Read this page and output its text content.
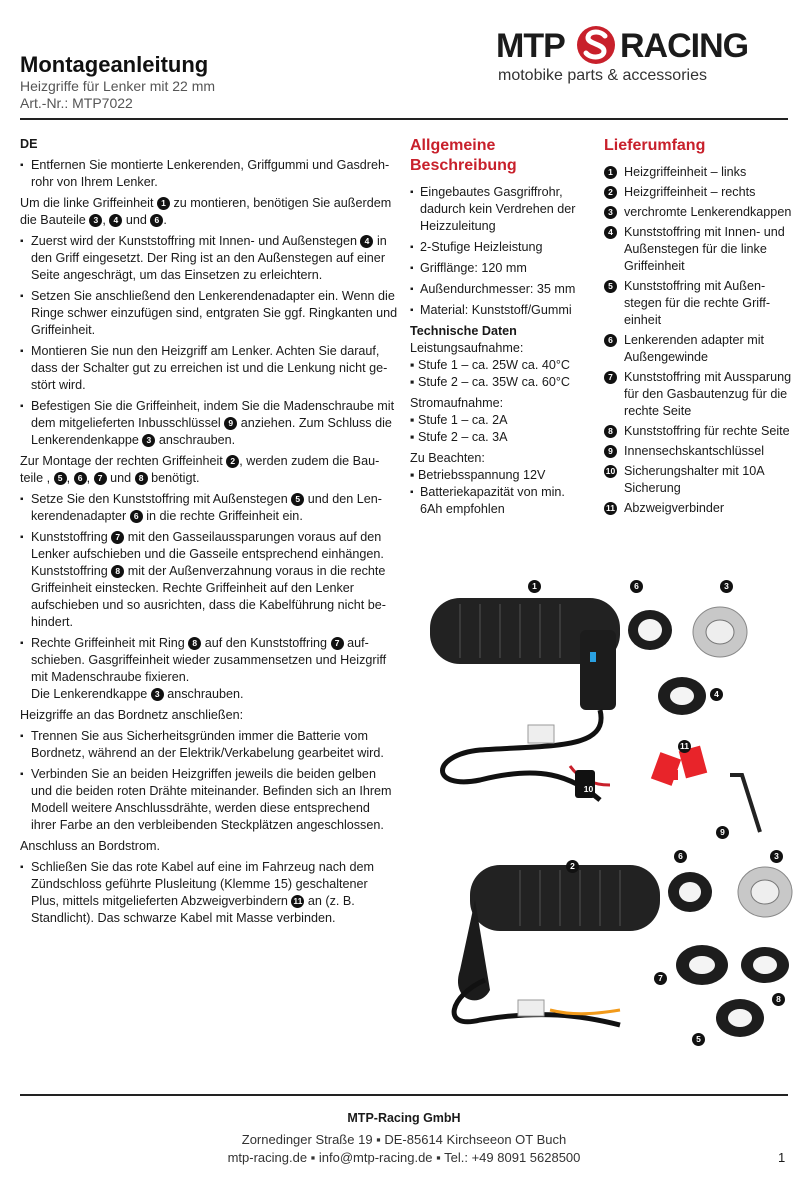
Montageanleitung
Heizgriffe für Lenker mit 22 mm
Art.-Nr.: MTP7022
MTP RACING
motobike parts & accessories
DE
▪ Entfernen Sie montierte Lenkerenden, Griffgummi und Gasdrehrohr von Ihrem Lenker.
Um die linke Griffeinheit 1 zu montieren, benötigen Sie außerdem die Bauteile 3 , 4 und 6 .
▪ Zuerst wird der Kunststoffring mit Innen- und Außenstegen 4 in den Griff eingesetzt. Der Ring ist an den Außenstegen auf einer Seite angeschrägt, um das Einsetzen zu erleichtern.
▪ Setzen Sie anschließend den Lenkerendenadapter ein. Wenn die Ringe schwer einzufügen sind, entgraten Sie ggf. Ringkanten und Griffeinheit.
▪ Montieren Sie nun den Heizgriff am Lenker. Achten Sie darauf, dass der Schalter gut zu erreichen ist und die Lenkung nicht gestört wird.
▪ Befestigen Sie die Griffeinheit, indem Sie die Madenschraube mit dem mitgelieferten Inbusschlüssel 9 anziehen. Zum Schluss die Lenkerendenkappe 3 anschrauben.
Zur Montage der rechten Griffeinheit 2 , werden zudem die Bauteile , 5 , 6 , 7 und 8 benötigt.
▪ Setze Sie den Kunststoffring mit Außenstegen 5 und den Lenkerendenadapter 6 in die rechte Griffeinheit ein.
▪ Kunststoffring 7 mit den Gasseilaussparungen voraus auf den Lenker aufschieben und die Gasseile entsprechend einhängen. Kunststoffring 8 mit der Außenverzahnung voraus in die rechte Griffeinheit einstecken. Rechte Griffeinheit auf den Lenker aufschieben und so ausrichten, dass die Kabelführung nicht behindert.
▪ Rechte Griffeinheit mit Ring 8 auf den Kunststoffring 7 aufschieben. Gasgriffeinheit wieder zusammensetzen und Heizgriff mit Madenschraube fixieren.
Die Lenkerendkappe 3 anschrauben.
Heizgriffe an das Bordnetz anschließen:
▪ Trennen Sie aus Sicherheitsgründen immer die Batterie vom Bordnetz, während an der Elektrik/Verkabelung gearbeitet wird.
▪ Verbinden Sie an beiden Heizgriffen jeweils die beiden gelben und die beiden roten Drähte miteinander. Befinden sich an Ihrem Modell weitere Anschlussdrähte, werden diese entsprechend ihrer Farbe an den verbleibenden Steckplätzen angeschlossen.
Anschluss an Bordstrom.
▪ Schließen Sie das rote Kabel auf eine im Fahrzeug nach dem Zündschloss geführte Plusleitung (Klemme 15) geschaltener Plus, mittels mitgelieferten Abzweigverbindern 11 an (z. B. Standlicht). Das schwarze Kabel mit Masse verbinden.
Allgemeine Beschreibung
▪ Eingebautes Gasgriffrohr, dadurch kein Verdrehen der Heizzuleitung
▪ 2-Stufige Heizleistung
▪ Grifflänge: 120 mm
▪ Außendurchmesser: 35 mm
▪ Material: Kunststoff/Gummi
Technische Daten
Leistungsaufnahme:
▪ Stufe 1 – ca. 25W ca. 40°C
▪ Stufe 2 – ca. 35W ca. 60°C
Stromaufnahme:
▪ Stufe 1 – ca. 2A
▪ Stufe 2 – ca. 3A
Zu Beachten:
▪ Betriebsspannung 12V
▪ Batteriekapazität von min. 6Ah empfohlen
Lieferumfang
1 Heizgriffeinheit – links
2 Heizgriffeinheit – rechts
3 verchromte Lenkerendkappen
4 Kunststoffring mit Innen- und Außenstegen für die linke Griffeinheit
5 Kunststoffring mit Außenstegen für die rechte Griffeinheit
6 Lenkerenden adapter mit Außengewinde
7 Kunststoffring mit Aussparung für den Gasbautenzug für die rechte Seite
8 Kunststoffring für rechte Seite
9 Innensechskantschlüssel
10 Sicherungshalter mit 10A Sicherung
11 Abzweigverbinder
1	6	3
4
11
10
9
2
6	3
7
8
5
MTP-Racing GmbH
Zornedinger Straße 19 ▪ DE-85614 Kirchseeon OT Buch
mtp-racing.de ▪ info@mtp-racing.de ▪ Tel.: +49 8091 5628500	1
